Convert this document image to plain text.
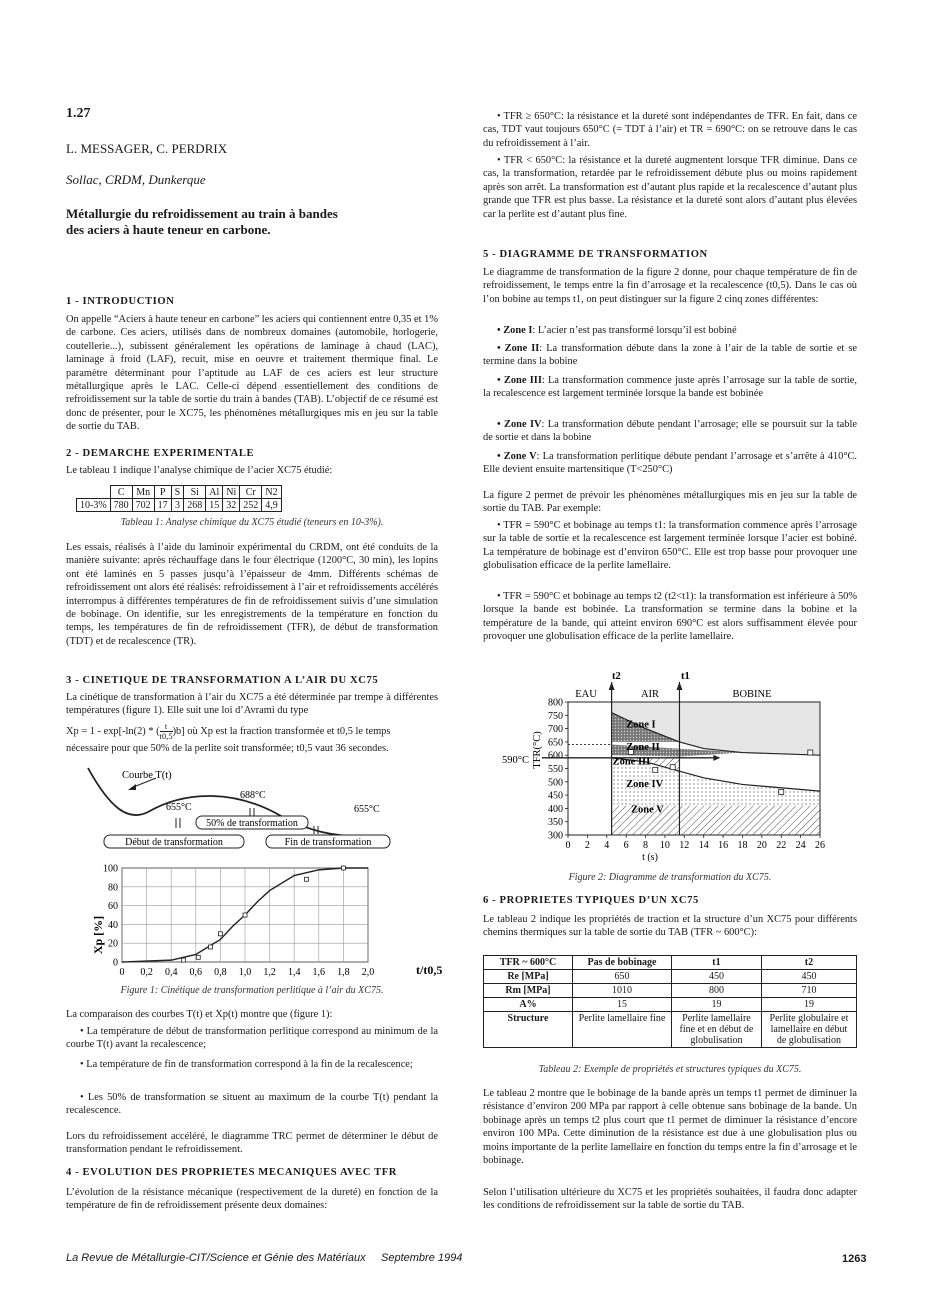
1.27
L. MESSAGER, C. PERDRIX
Sollac, CRDM, Dunkerque
Métallurgie du refroidissement au train à bandes
des aciers à haute teneur en carbone.
1 - INTRODUCTION

On appelle “Aciers à haute teneur en carbone” les aciers qui contiennent entre 0,35 et 1% de carbone. Ces aciers, utilisés dans de nombreux domaines (automobile, horlogerie, coutellerie...), subissent généralement les opérations de laminage à chaud (LAC), laminage à froid (LAF), recuit, mise en oeuvre et traitement thermique final. Le paramètre déterminant pour l’aptitude au LAF de ces aciers est leur structure métallurgique après le LAC. Celle-ci dépend essentiellement des conditions de refroidissement sur la table de sortie du train à bandes (TAB). L’objectif de ce résumé est donc de présenter, pour le XC75, les phénomènes métallurgiques mis en jeu sur la table de sortie du TAB.

2 - DEMARCHE EXPERIMENTALE

Le tableau 1 indique l’analyse chimique de l’acier XC75 étudié:

	C	Mn	P	S	Si	Al	Ni	Cr	N2
10-3%	780	702	17	3	268	15	32	252	4,9
Tableau 1: Analyse chimique du XC75 étudié (teneurs en 10-3%).

Les essais, réalisés à l’aide du laminoir expérimental du CRDM, ont été conduits de la manière suivante: après réchauffage dans le four électrique (1200°C, 30 min), les lopins ont été laminés en 5 passes jusqu’à l’épaisseur de 4mm. Différents schémas de refroidissement ont alors été réalisés: refroidissement à l’air et refroidissements accélérés interrompus à différentes températures de fin de refroidissement suivis d’une simulation de bobinage. On identifie, sur les enregistrements de la température en fonction du temps, les températures de fin de refroidissement (TFR), de début de transformation (TDT) et de recalescence (TR).

3 - CINETIQUE DE TRANSFORMATION A L’AIR DU XC75

La cinétique de transformation à l’air du XC75 a été déterminée par trempe à différentes températures (figure 1). Elle suit une loi d’Avrami du type

Xp = 1 - exp[-ln(2) * ( $\frac{t}{t0,5} )b$] où Xp est la fraction transformée et t0,5 le temps

nécessaire pour que 50% de la perlite soit transformée; t0,5 vaut 36 secondes.

Courbe T(t)
655°C
688°C
655°C
50% de transformation
Début de transformation	Fin de transformation
0
20
40
60
80
100
0 0,2 0,4 0,6 0,8 1,0 1,2 1,4 1,6 1,8 2,0
Xp [%]
t/t0,5
Figure 1: Cinétique de transformation perlitique à l’air du XC75.

La comparaison des courbes T(t) et Xp(t) montre que (figure 1):

• La température de début de transformation perlitique correspond au minimum de la courbe T(t) avant la recalescence;

• La température de fin de transformation correspond à la fin de la recalescence;

• Les 50% de transformation se situent au maximum de la courbe T(t) pendant la recalescence.

Lors du refroidissement accéléré, le diagramme TRC permet de déterminer le début de transformation pendant le refroidissement.

4 - EVOLUTION DES PROPRIETES MECANIQUES AVEC TFR

L’évolution de la résistance mécanique (respectivement de la dureté) en fonction de la température de fin de refroidissement présente deux domaines:

• TFR ≥ 650°C: la résistance et la dureté sont indépendantes de TFR. En fait, dans ce cas, TDT vaut toujours 650°C (= TDT à l’air) et TR = 690°C: on se retrouve dans le cas du refroidissement à l’air.

• TFR < 650°C: la résistance et la dureté augmentent lorsque TFR diminue. Dans ce cas, la transformation, retardée par le refroidissement débute plus ou moins rapidement après son arrêt. La transformation est d’autant plus rapide et la recalescence d’autant plus grande que TFR est plus basse. La résistance et la dureté sont alors d’autant plus élevées car la perlite est d’autant plus fine.

5 - DIAGRAMME DE TRANSFORMATION

Le diagramme de transformation de la figure 2 donne, pour chaque température de fin de refroidissement, le temps entre la fin d’arrosage et la recalescence (t0,5). Dans le cas où l’on bobine au temps t1, on peut distinguer sur la figure 2 cinq zones différentes:

• Zone I: L’acier n’est pas transformé lorsqu’il est bobiné

• Zone II: La transformation débute dans la zone à l’air de la table de sortie et se termine dans la bobine

• Zone III: La transformation commence juste après l’arrosage sur la table de sortie, la recalescence est largement terminée lorsque la bande est bobinée

• Zone IV: La transformation débute pendant l’arrosage; elle se poursuit sur la table de sortie et dans la bobine

• Zone V: La transformation perlitique débute pendant l’arrosage et s’arrête à 410°C. Elle devient ensuite martensitique (T<250°C)

La figure 2 permet de prévoir les phénomènes métallurgiques mis en jeu sur la table de sortie du TAB. Par exemple:

• TFR = 590°C et bobinage au temps t1: la transformation commence après l’arrosage sur la table de sortie et la recalescence est largement terminée lorsque l’acier est bobiné. La température de bobinage est d’environ 650°C. Elle est trop basse pour provoquer une globulisation efficace de la perlite lamellaire.

• TFR = 590°C et bobinage au temps t2 (t2<t1): la transformation est inférieure à 50% lorsque la bande est bobinée. La transformation se termine dans la bobine et la température de la bande, qui atteint environ 690°C est alors suffisamment élevée pour provoquer une globulisation efficace de la perlite lamellaire.

300
350
400
450
500
550
600
650
700
750
800
0 2 4 6 8 10 12 14 16 18 20 22 24 26
Zone I
Zone II
Zone III
Zone IV
Zone V
t2	t1
EAU	AIR	BOBINE
TFR(°C)
590°C
t (s)
Figure 2: Diagramme de transformation du XC75.
6 - PROPRIETES TYPIQUES D’UN XC75

Le tableau 2 indique les propriétés de traction et la structure d’un XC75 pour différents chemins thermiques sur la table de sortie du TAB (TFR ~ 600°C):

TFR ~ 600°C	Pas de bobinage	t1	t2
Re [MPa]	650	450	450
Rm [MPa]	1010	800	710
A%	15	19	19
Structure	Perlite lamellaire fine	Perlite lamellaire fine et en début de globulisation	Perlite globulaire et lamellaire en début de globulisation
Tableau 2: Exemple de propriétés et structures typiques du XC75.

Le tableau 2 montre que le bobinage de la bande après un temps t1 permet de diminuer la résistance d’environ 200 MPa par rapport à celle obtenue sans bobinage de la bande. Un bobinage après un temps t2 plus court que t1 permet de diminuer la résistance d’encore environ 100 MPa. Cette diminution de la résistance est due à une globulisation plus ou moins importante de la perlite lamellaire en fonction du temps entre la fin d’arrosage et le bobinage.

Selon l’utilisation ultérieure du XC75 et les propriétés souhaitées, il faudra donc adapter les conditions de refroidissement sur la table de sortie du TAB.

La Revue de Métallurgie-CIT/Science et Génie des Matériaux Septembre 1994	1263
